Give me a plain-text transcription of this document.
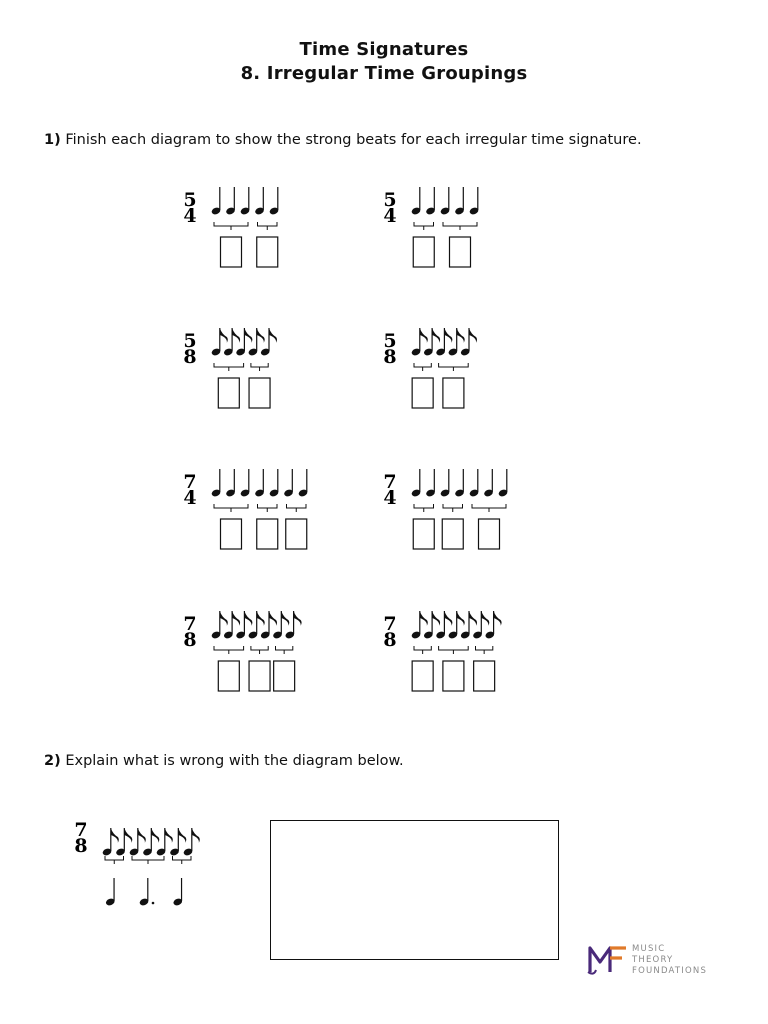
Time Signatures
8. Irregular Time Groupings
1) Finish each diagram to show the strong beats for each irregular time signature.
2) Explain what is wrong with the diagram below.
5
4
5
4
5
8
5
8
7
4
7
4
7
8
7
8
7
8
MUSIC
THEORY
FOUNDATIONS
